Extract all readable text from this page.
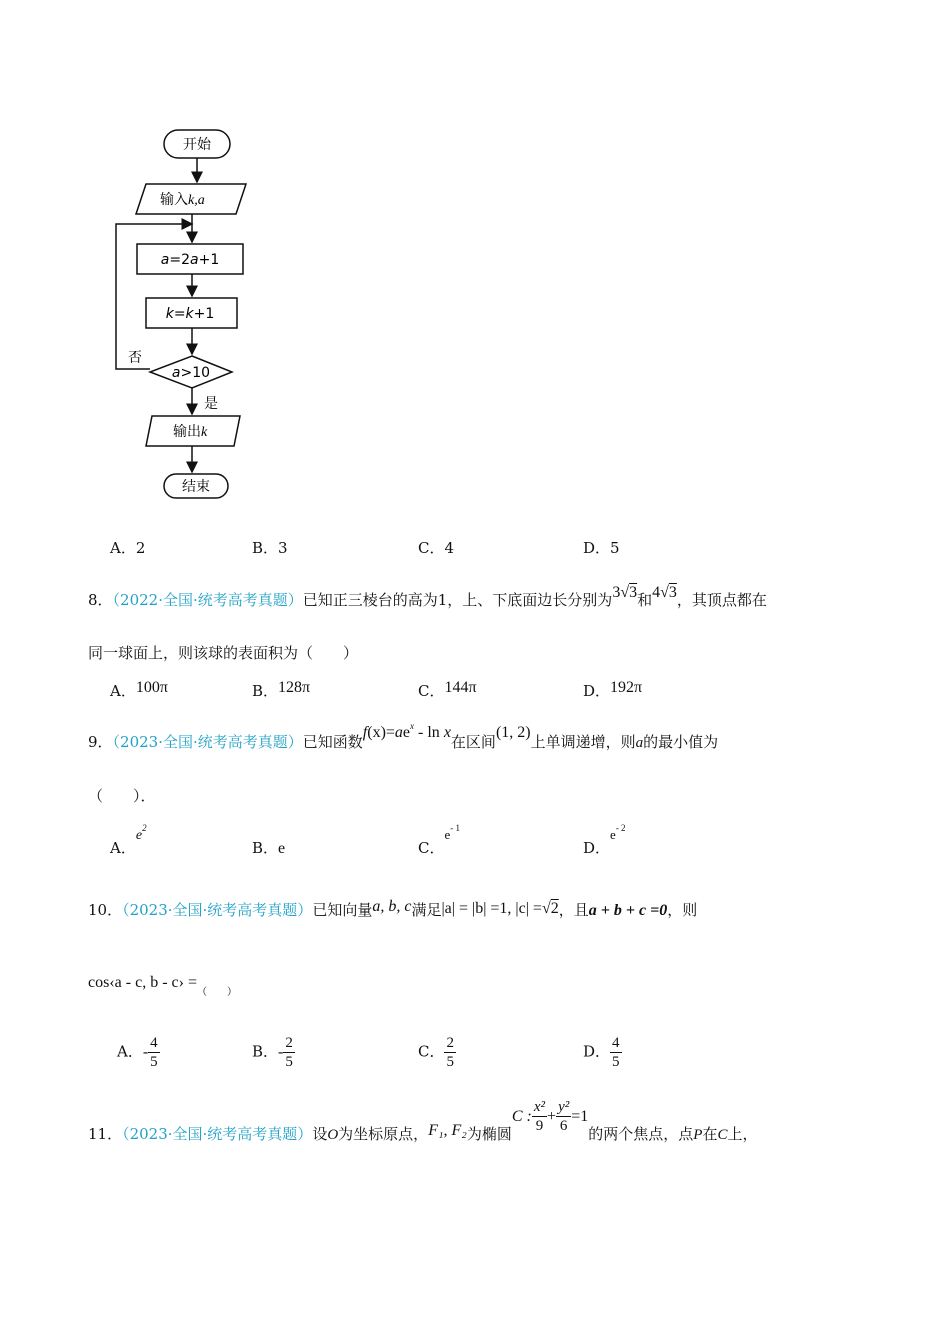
开始
输入k,a
a=2a+1
k=k+1
a>10
否
是
输出k
结束
A．2	B．3	C．4	D．5
8．（2022·全国·统考高考真题）已知正三棱台的高为1，上、下底面边长分别为3√3和4√3，其顶点都在
同一球面上，则该球的表面积为（　　）
A．100π	B．128π	C．144π	D．192π
9．（2023·全国·统考高考真题）已知函数$f(x)=ae^x - \ln x$在区间(1, 2)上单调递增，则a的最小值为
（　　）．
A．$e^2$
B．e	C．$e^{- 1}$
D．$e^{- 2}$
10．（2023·全国·统考高考真题）已知向量a, b, c满足|a| = |b| =1, |c| =√2，且a + b + c =0，则
cos‹a - c, b - c› $=_{( )}$
A．- $\frac{4}{5}$	B．- $\frac{2}{5}$	C． $\frac{2}{5}$	D． $\frac{4}{5}$
11．（2023·全国·统考高考真题）设O为坐标原点，F₁, F₂为椭圆C : $\frac{\text{x²}}{9} + \frac{\text{y²}}{6} =1$的两个焦点，点P在C上，
